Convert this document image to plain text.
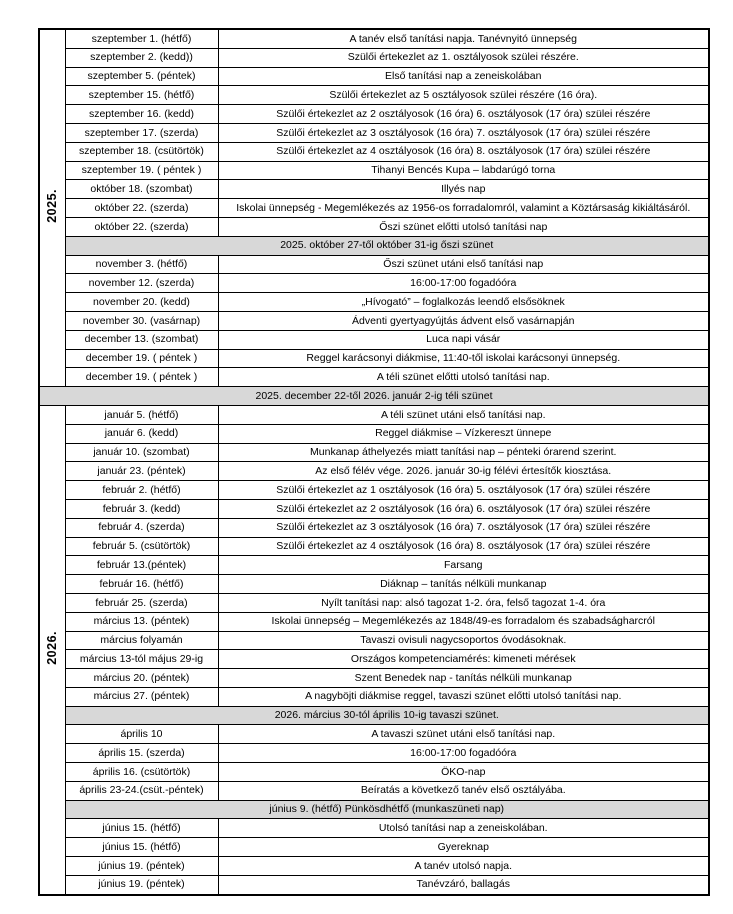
2025.	szeptember 1. (hétfő)	A tanév első tanítási napja. Tanévnyitó ünnepség
	szeptember 2. (kedd))	Szülői értekezlet az 1. osztályosok szülei részére.
	szeptember 5. (péntek)	Első tanítási nap a zeneiskolában
	szeptember 15. (hétfő)	Szülői értekezlet az 5 osztályosok szülei részére (16 óra).
	szeptember 16. (kedd)	Szülői értekezlet az 2 osztályosok (16 óra) 6. osztályosok (17 óra) szülei részére
	szeptember 17. (szerda)	Szülői értekezlet az 3 osztályosok (16 óra) 7. osztályosok (17 óra) szülei részére
	szeptember 18. (csütörtök)	Szülői értekezlet az 4 osztályosok (16 óra) 8. osztályosok (17 óra) szülei részére
	szeptember 19. ( péntek )	Tihanyi Bencés Kupa – labdarúgó torna
	október 18. (szombat)	Illyés nap
	október 22. (szerda)	Iskolai ünnepség - Megemlékezés az 1956-os forradalomról, valamint a Köztársaság kikiáltásáról.
	október 22. (szerda)	Őszi szünet előtti utolsó tanítási nap
	2025. október 27-től október 31-ig őszi szünet	
	november 3. (hétfő)	Őszi szünet utáni első tanítási nap
	november 12. (szerda)	16:00-17:00 fogadóóra
	november 20. (kedd)	„Hívogató” – foglalkozás leendő elsősöknek
	november 30. (vasárnap)	Ádventi gyertyagyújtás ádvent első vasárnapján
	december 13. (szombat)	Luca napi vásár
	december 19. ( péntek )	Reggel karácsonyi diákmise, 11:40-től iskolai karácsonyi ünnepség.
	december 19. ( péntek )	A téli szünet előtti utolsó tanítási nap.
2025. december 22-től 2026. január 2-ig téli szünet		
2026.	január 5. (hétfő)	A téli szünet utáni első tanítási nap.
	január 6. (kedd)	Reggel diákmise – Vízkereszt ünnepe
	január 10. (szombat)	Munkanap áthelyezés miatt tanítási nap – pénteki órarend szerint.
	január 23. (péntek)	Az első félév vége. 2026. január 30-ig félévi értesítők kiosztása.
	február 2. (hétfő)	Szülői értekezlet az 1 osztályosok (16 óra) 5. osztályosok (17 óra) szülei részére
	február 3. (kedd)	Szülői értekezlet az 2 osztályosok (16 óra) 6. osztályosok (17 óra) szülei részére
	február 4. (szerda)	Szülői értekezlet az 3 osztályosok (16 óra) 7. osztályosok (17 óra) szülei részére
	február 5. (csütörtök)	Szülői értekezlet az 4 osztályosok (16 óra) 8. osztályosok (17 óra) szülei részére
	február 13.(péntek)	Farsang
	február 16. (hétfő)	Diáknap – tanítás nélküli munkanap
	február 25. (szerda)	Nyílt tanítási nap: alsó tagozat 1-2. óra, felső tagozat 1-4. óra
	március 13. (péntek)	Iskolai ünnepség – Megemlékezés az 1848/49-es forradalom és szabadságharcról
	március folyamán	Tavaszi ovisuli nagycsoportos óvodásoknak.
	március 13-tól május 29-ig	Országos kompetenciamérés: kimeneti mérések
	március 20. (péntek)	Szent Benedek nap - tanítás nélküli munkanap
	március 27. (péntek)	A nagyböjti diákmise reggel, tavaszi szünet előtti utolsó tanítási nap.
	2026. március 30-tól április 10-ig tavaszi szünet.	
	április 10	A tavaszi szünet utáni első tanítási nap.
	április 15. (szerda)	16:00-17:00 fogadóóra
	április 16. (csütörtök)	ÖKO-nap
	április 23-24.(csüt.-péntek)	Beíratás a következő tanév első osztályába.
	június 9. (hétfő) Pünkösdhétfő (munkaszüneti nap)	
	június 15. (hétfő)	Utolsó tanítási nap a zeneiskolában.
	június 15. (hétfő)	Gyereknap
	június 19. (péntek)	A tanév utolsó napja.
	június 19. (péntek)	Tanévzáró, ballagás
